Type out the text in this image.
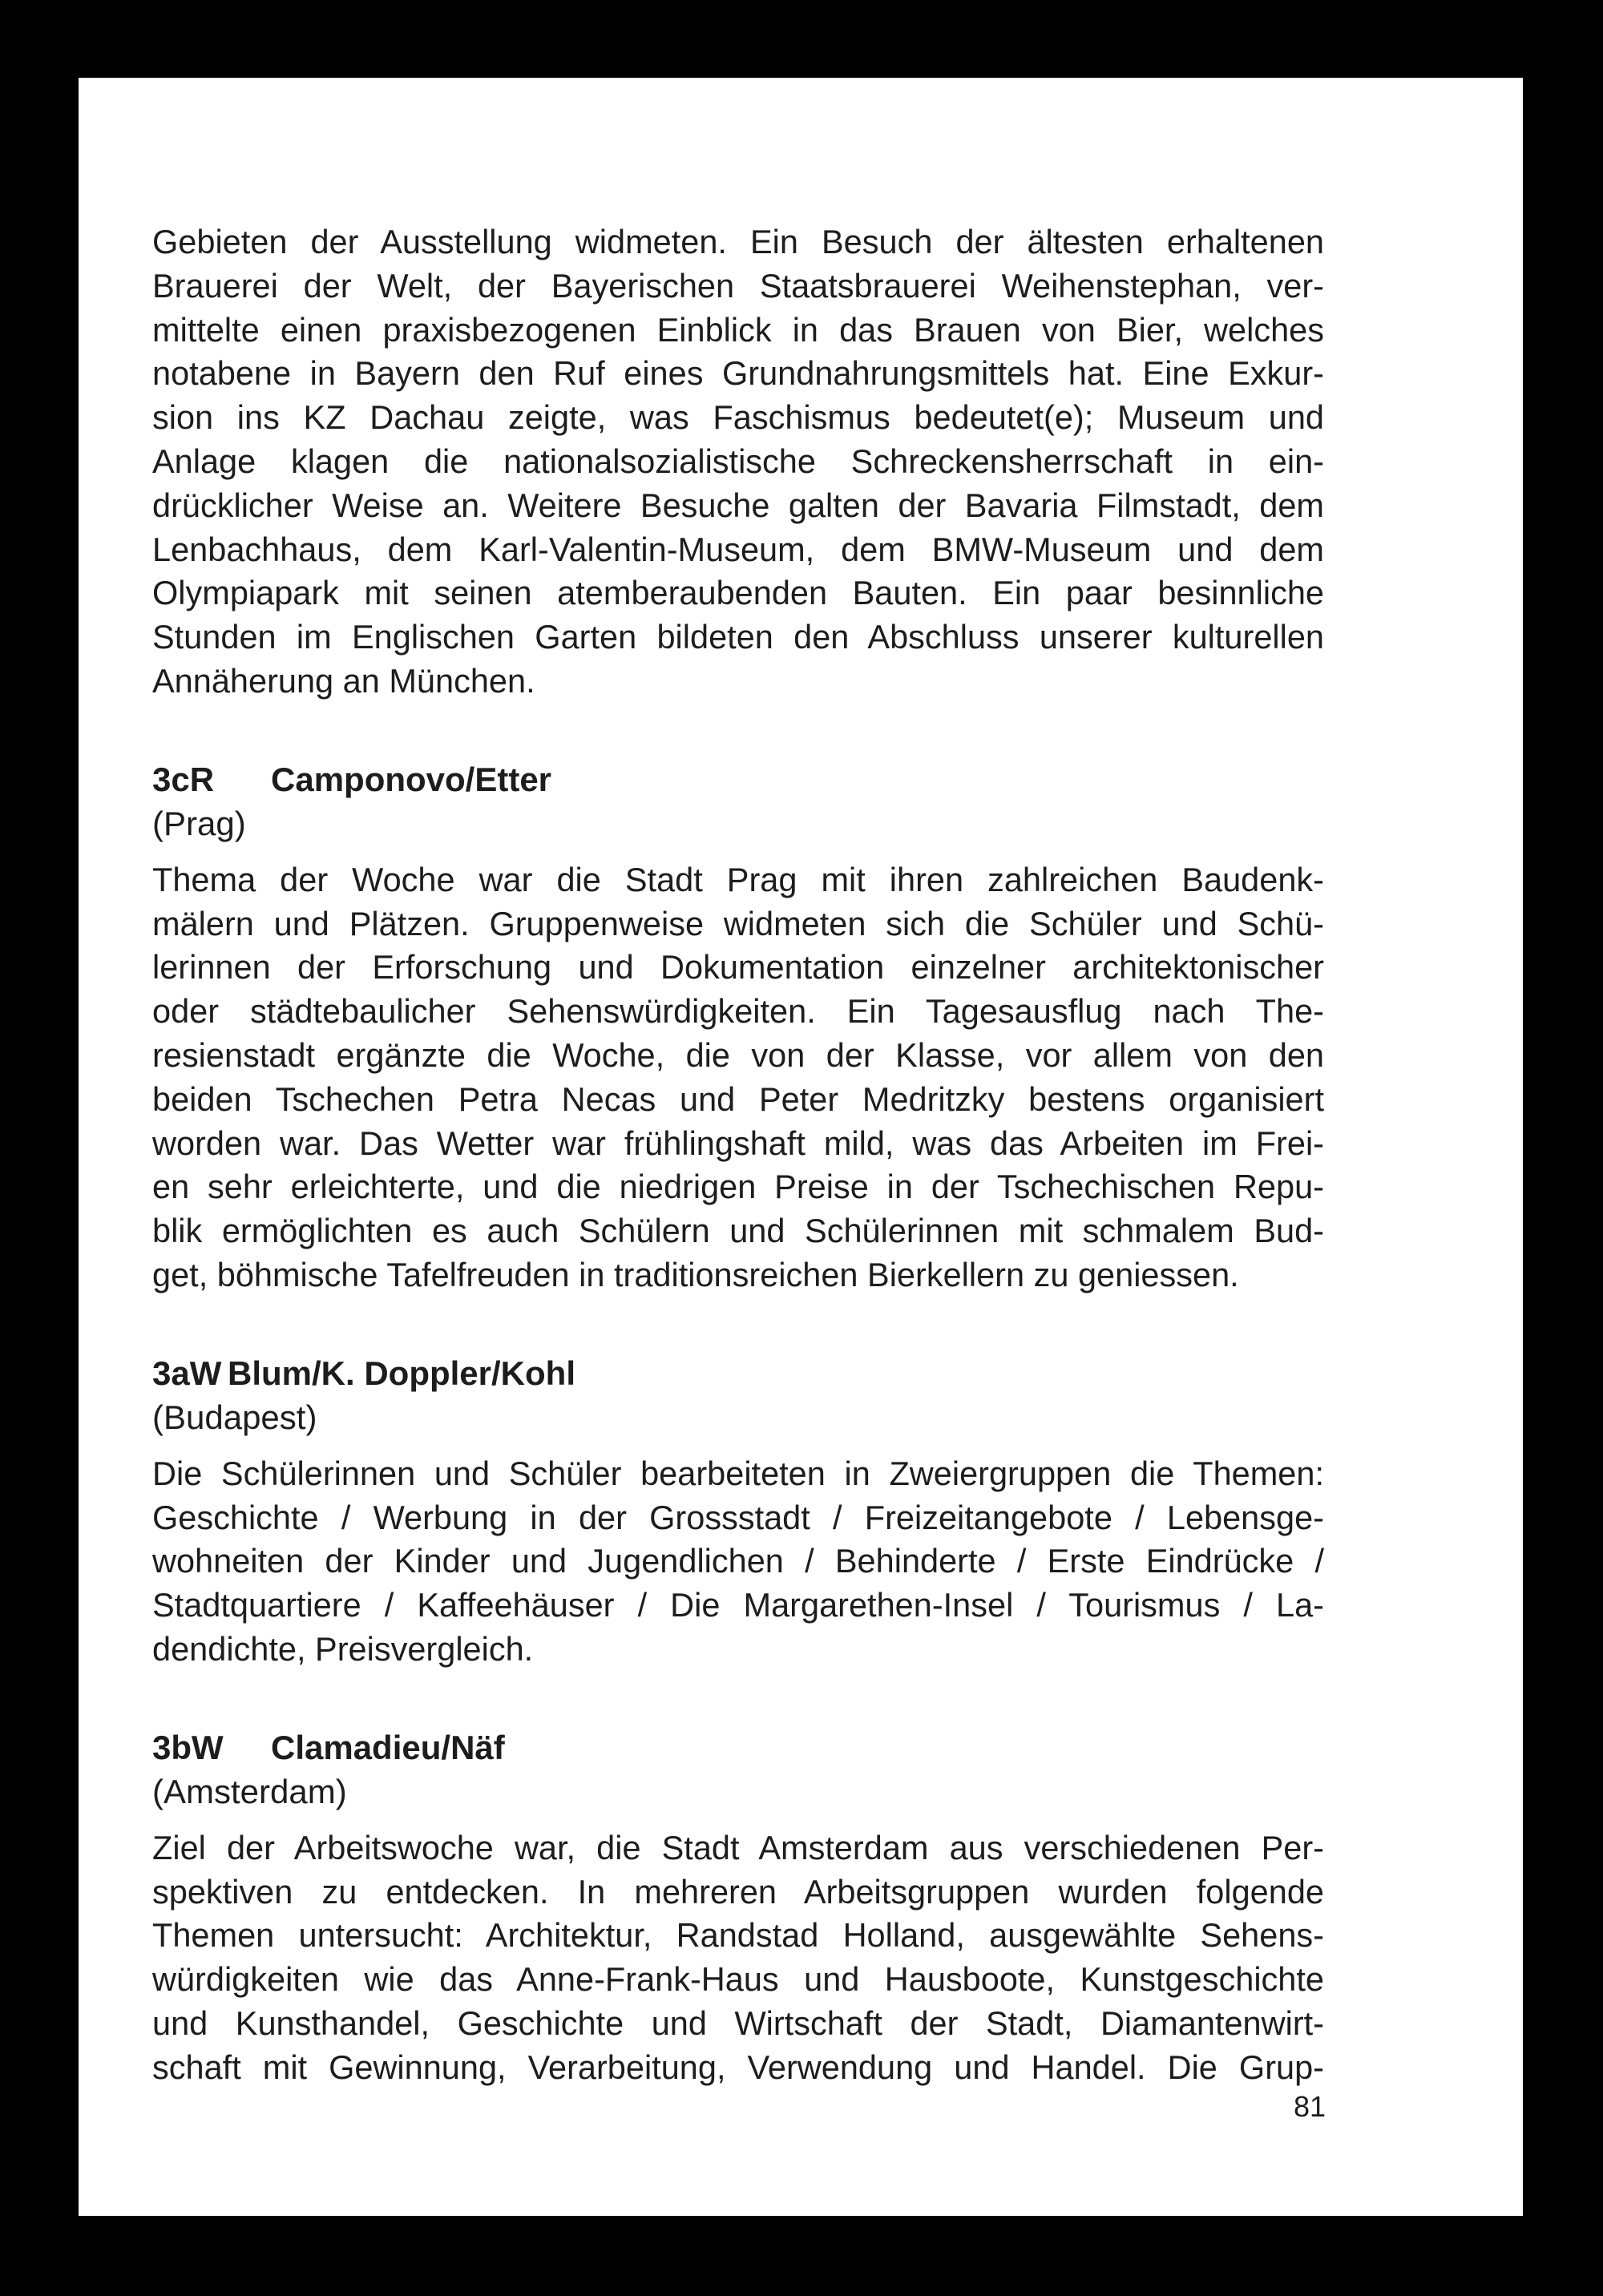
Gebieten der Ausstellung widmeten. Ein Besuch der ältesten erhaltenen
Brauerei der Welt, der Bayerischen Staatsbrauerei Weihenstephan, ver-
mittelte einen praxisbezogenen Einblick in das Brauen von Bier, welches
notabene in Bayern den Ruf eines Grundnahrungsmittels hat. Eine Exkur-
sion ins KZ Dachau zeigte, was Faschismus bedeutet(e); Museum und
Anlage klagen die nationalsozialistische Schreckensherrschaft in ein-
drücklicher Weise an. Weitere Besuche galten der Bavaria Filmstadt, dem
Lenbachhaus, dem Karl-Valentin-Museum, dem BMW-Museum und dem
Olympiapark mit seinen atemberaubenden Bauten. Ein paar besinnliche
Stunden im Englischen Garten bildeten den Abschluss unserer kulturellen
Annäherung an München.

3cR Camponovo/Etter
(Prag)

Thema der Woche war die Stadt Prag mit ihren zahlreichen Baudenk-
mälern und Plätzen. Gruppenweise widmeten sich die Schüler und Schü-
lerinnen der Erforschung und Dokumentation einzelner architektonischer
oder städtebaulicher Sehenswürdigkeiten. Ein Tagesausflug nach The-
resienstadt ergänzte die Woche, die von der Klasse, vor allem von den
beiden Tschechen Petra Necas und Peter Medritzky bestens organisiert
worden war. Das Wetter war frühlingshaft mild, was das Arbeiten im Frei-
en sehr erleichterte, und die niedrigen Preise in der Tschechischen Repu-
blik ermöglichten es auch Schülern und Schülerinnen mit schmalem Bud-
get, böhmische Tafelfreuden in traditionsreichen Bierkellern zu geniessen.

3aW Blum/K. Doppler/Kohl
(Budapest)

Die Schülerinnen und Schüler bearbeiteten in Zweiergruppen die Themen:
Geschichte / Werbung in der Grossstadt / Freizeitangebote / Lebensge-
wohneiten der Kinder und Jugendlichen / Behinderte / Erste Eindrücke /
Stadtquartiere / Kaffeehäuser / Die Margarethen-Insel / Tourismus / La-
dendichte, Preisvergleich.

3bW Clamadieu/Näf
(Amsterdam)

Ziel der Arbeitswoche war, die Stadt Amsterdam aus verschiedenen Per-
spektiven zu entdecken. In mehreren Arbeitsgruppen wurden folgende
Themen untersucht: Architektur, Randstad Holland, ausgewählte Sehens-
würdigkeiten wie das Anne-Frank-Haus und Hausboote, Kunstgeschichte
und Kunsthandel, Geschichte und Wirtschaft der Stadt, Diamantenwirt-
schaft mit Gewinnung, Verarbeitung, Verwendung und Handel. Die Grup-

81
